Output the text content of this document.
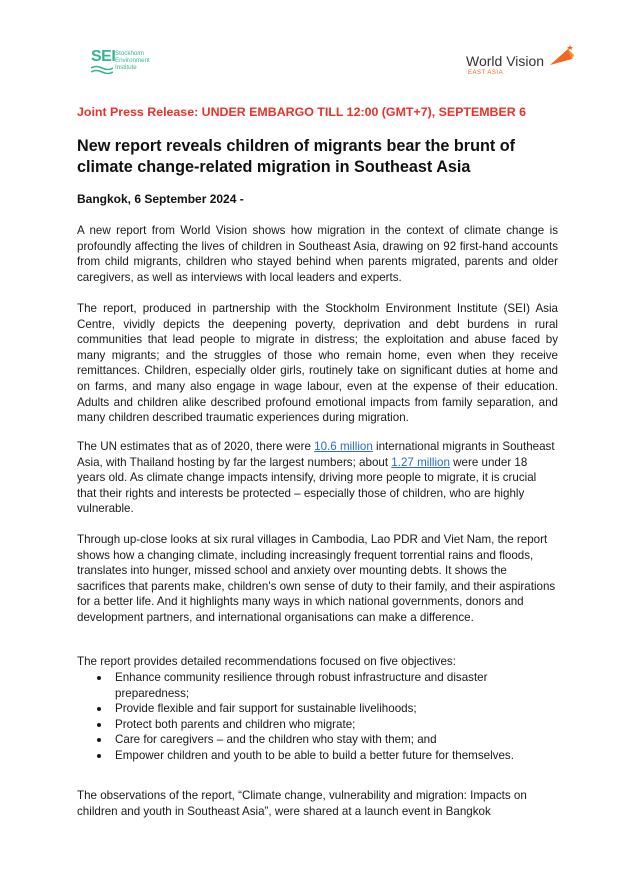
SEI Stockholm
Environment
Institute	World Vision
EAST ASIA
Joint Press Release: UNDER EMBARGO TILL 12:00 (GMT+7), SEPTEMBER 6
New report reveals children of migrants bear the brunt of climate change-related migration in Southeast Asia
Bangkok, 6 September 2024 -

A new report from World Vision shows how migration in the context of climate change is profoundly affecting the lives of children in Southeast Asia, drawing on 92 first-hand accounts from child migrants, children who stayed behind when parents migrated, parents and older caregivers, as well as interviews with local leaders and experts.

The report, produced in partnership with the Stockholm Environment Institute (SEI) Asia Centre, vividly depicts the deepening poverty, deprivation and debt burdens in rural communities that lead people to migrate in distress; the exploitation and abuse faced by many migrants; and the struggles of those who remain home, even when they receive remittances. Children, especially older girls, routinely take on significant duties at home and on farms, and many also engage in wage labour, even at the expense of their education. Adults and children alike described profound emotional impacts from family separation, and many children described traumatic experiences during migration.

The UN estimates that as of 2020, there were 10.6 million international migrants in Southeast Asia, with Thailand hosting by far the largest numbers; about 1.27 million were under 18 years old. As climate change impacts intensify, driving more people to migrate, it is crucial that their rights and interests be protected – especially those of children, who are highly vulnerable.

Through up-close looks at six rural villages in Cambodia, Lao PDR and Viet Nam, the report shows how a changing climate, including increasingly frequent torrential rains and floods, translates into hunger, missed school and anxiety over mounting debts. It shows the sacrifices that parents make, children's own sense of duty to their family, and their aspirations for a better life. And it highlights many ways in which national governments, donors and development partners, and international organisations can make a difference.

The report provides detailed recommendations focused on five objectives:

Enhance community resilience through robust infrastructure and disaster preparedness;
Provide flexible and fair support for sustainable livelihoods;
Protect both parents and children who migrate;
Care for caregivers – and the children who stay with them; and
Empower children and youth to be able to build a better future for themselves.

The observations of the report, “Climate change, vulnerability and migration: Impacts on children and youth in Southeast Asia”, were shared at a launch event in Bangkok
